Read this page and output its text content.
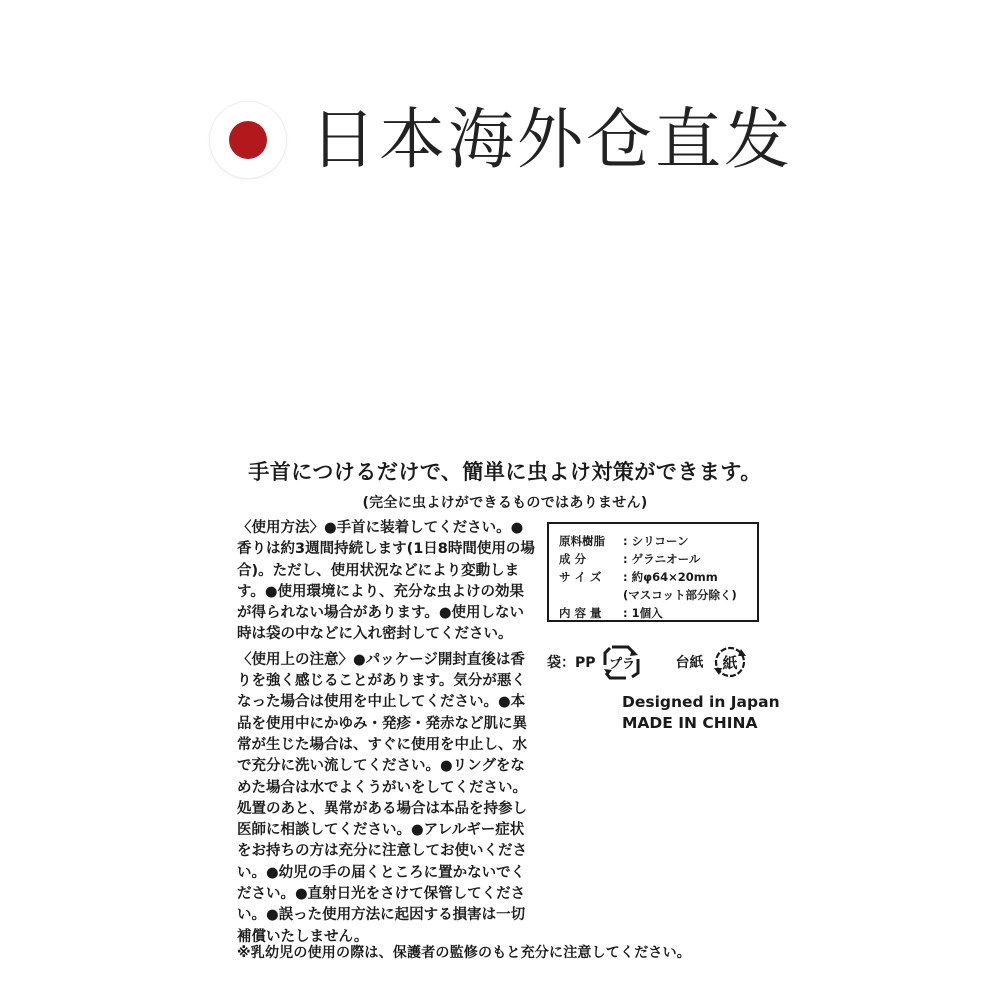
日本海外仓直发
手首につけるだけで、簡単に虫よけ対策ができます。
(完全に虫よけができるものではありません)

〈使用方法〉●手首に装着してください。●香りは約3週間持続します(1日8時間使用の場合)。ただし、使用状況などにより変動します。●使用環境により、充分な虫よけの効果が得られない場合があります。●使用しない時は袋の中などに入れ密封してください。

〈使用上の注意〉●パッケージ開封直後は香りを強く感じることがあります。気分が悪くなった場合は使用を中止してください。●本品を使用中にかゆみ・発疹・発赤など肌に異常が生じた場合は、すぐに使用を中止し、水で充分に洗い流してください。●リングをなめた場合は水でよくうがいをしてください。処置のあと、異常がある場合は本品を持参し医師に相談してください。●アレルギー症状をお持ちの方は充分に注意してお使いください。●幼児の手の届くところに置かないでください。●直射日光をさけて保管してください。●誤った使用方法に起因する損害は一切補償いたしません。

原料樹脂	: シリコーン
成 分	: ゲラニオール
サ イ ズ	: 約φ64×20mm
(マスコット部分除く)
内 容 量	: 1個入
袋：PP プラ	台紙 紙
Designed in Japan
MADE IN CHINA
※乳幼児の使用の際は、保護者の監修のもと充分に注意してください。
